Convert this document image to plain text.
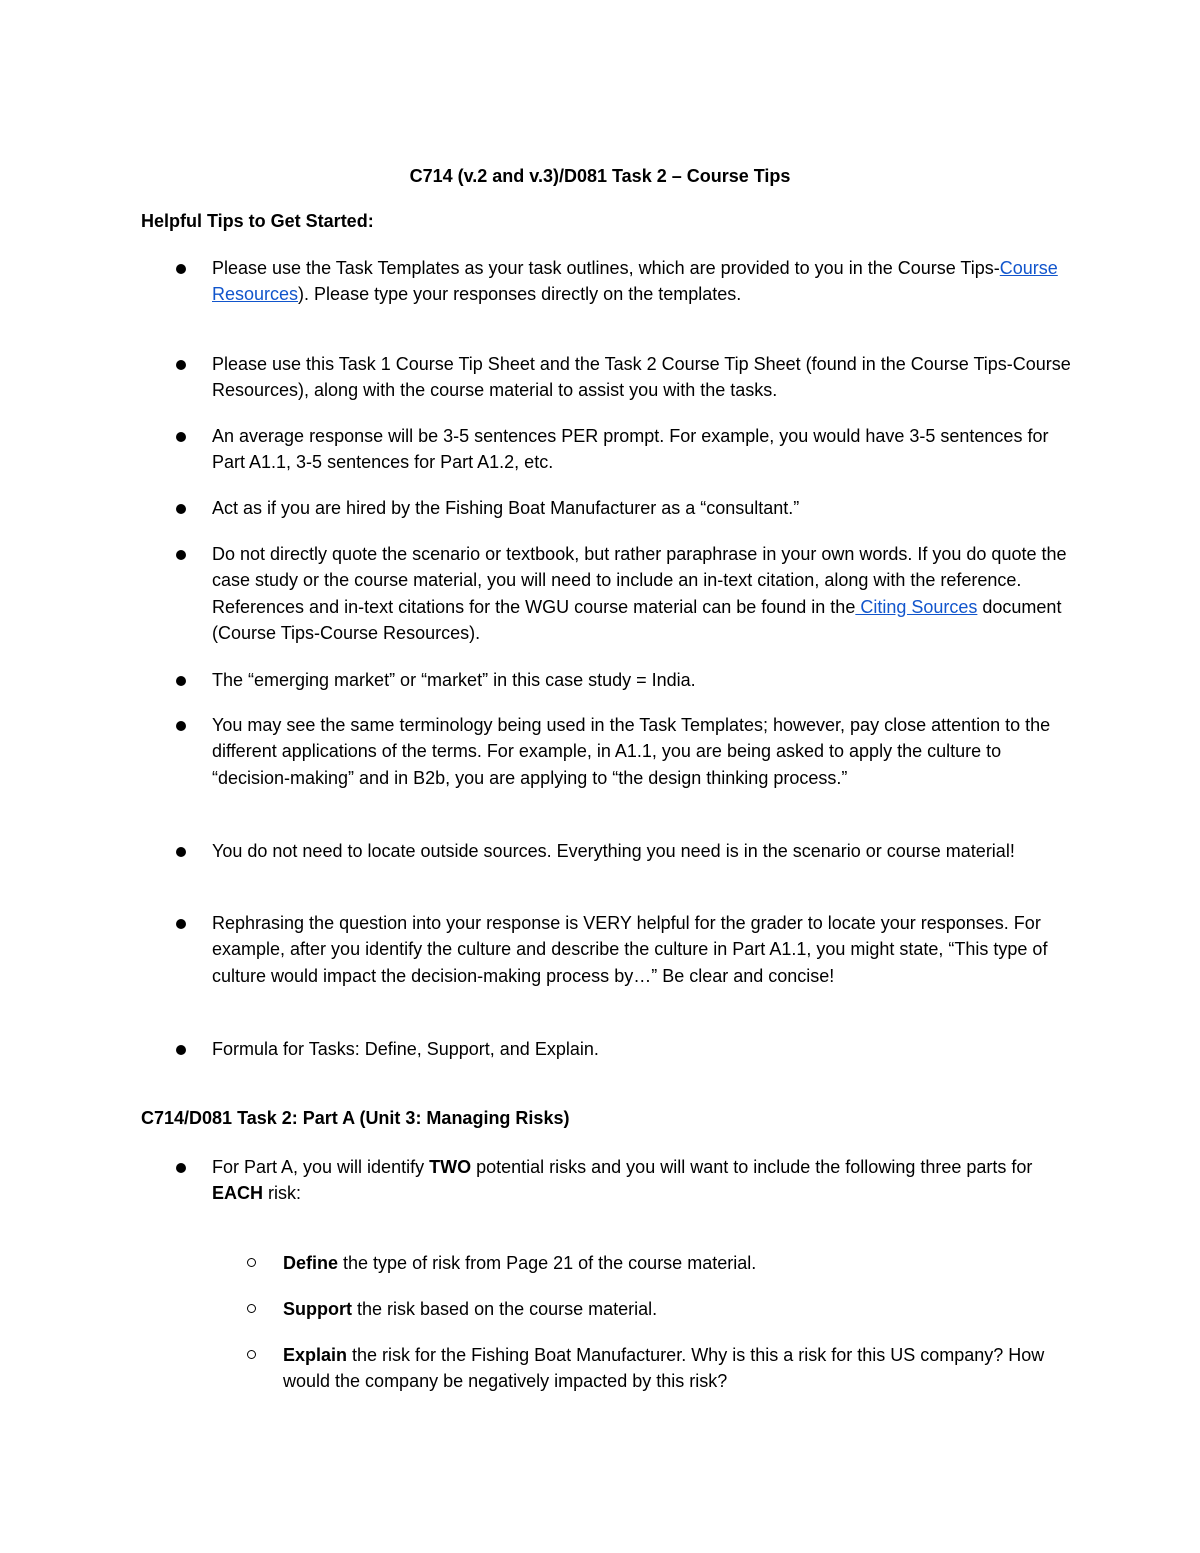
C714 (v.2 and v.3)/D081 Task 2 – Course Tips
Helpful Tips to Get Started:
Please use the Task Templates as your task outlines, which are provided to you in the Course Tips-Course Resources). Please type your responses directly on the templates.
Please use this Task 1 Course Tip Sheet and the Task 2 Course Tip Sheet (found in the Course Tips-Course Resources), along with the course material to assist you with the tasks.
An average response will be 3-5 sentences PER prompt. For example, you would have 3-5 sentences for Part A1.1, 3-5 sentences for Part A1.2, etc.
Act as if you are hired by the Fishing Boat Manufacturer as a “consultant.”
Do not directly quote the scenario or textbook, but rather paraphrase in your own words. If you do quote the case study or the course material, you will need to include an in-text citation, along with the reference. References and in-text citations for the WGU course material can be found in the Citing Sources document (Course Tips-Course Resources).
The “emerging market” or “market” in this case study = India.
You may see the same terminology being used in the Task Templates; however, pay close attention to the different applications of the terms. For example, in A1.1, you are being asked to apply the culture to “decision-making” and in B2b, you are applying to “the design thinking process.”
You do not need to locate outside sources. Everything you need is in the scenario or course material!
Rephrasing the question into your response is VERY helpful for the grader to locate your responses. For example, after you identify the culture and describe the culture in Part A1.1, you might state, “This type of culture would impact the decision-making process by…” Be clear and concise!
Formula for Tasks: Define, Support, and Explain.
C714/D081 Task 2: Part A (Unit 3: Managing Risks)
For Part A, you will identify TWO potential risks and you will want to include the following three parts for EACH risk:
Define the type of risk from Page 21 of the course material.
Support the risk based on the course material.
Explain the risk for the Fishing Boat Manufacturer. Why is this a risk for this US company? How would the company be negatively impacted by this risk?
